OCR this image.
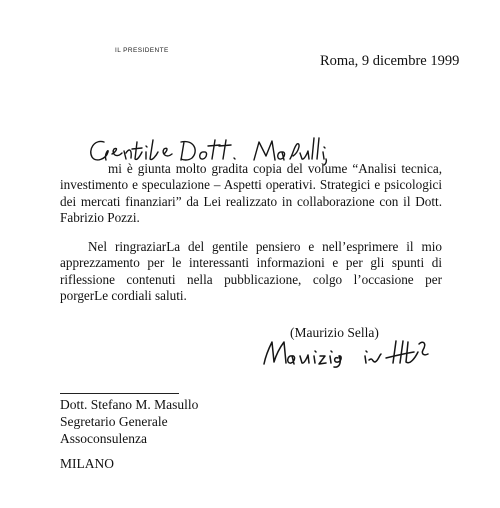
IL PRESIDENTE
Roma, 9 dicembre 1999

mi è giunta molto gradita copia del volume “Analisi tecnica, investimento e speculazione – Aspetti operativi. Strategici e psicologici dei mercati finanziari” da Lei realizzato in collaborazione con il Dott. Fabrizio Pozzi.

Nel ringraziarLa del gentile pensiero e nell’esprimere il mio apprezzamento per le interessanti informazioni e per gli spunti di riflessione contenuti nella pubblicazione, colgo l’occasione per porgerLe cordiali saluti.

(Maurizio Sella)
Dott. Stefano M. Masullo
Segretario Generale
Assoconsulenza
MILANO
